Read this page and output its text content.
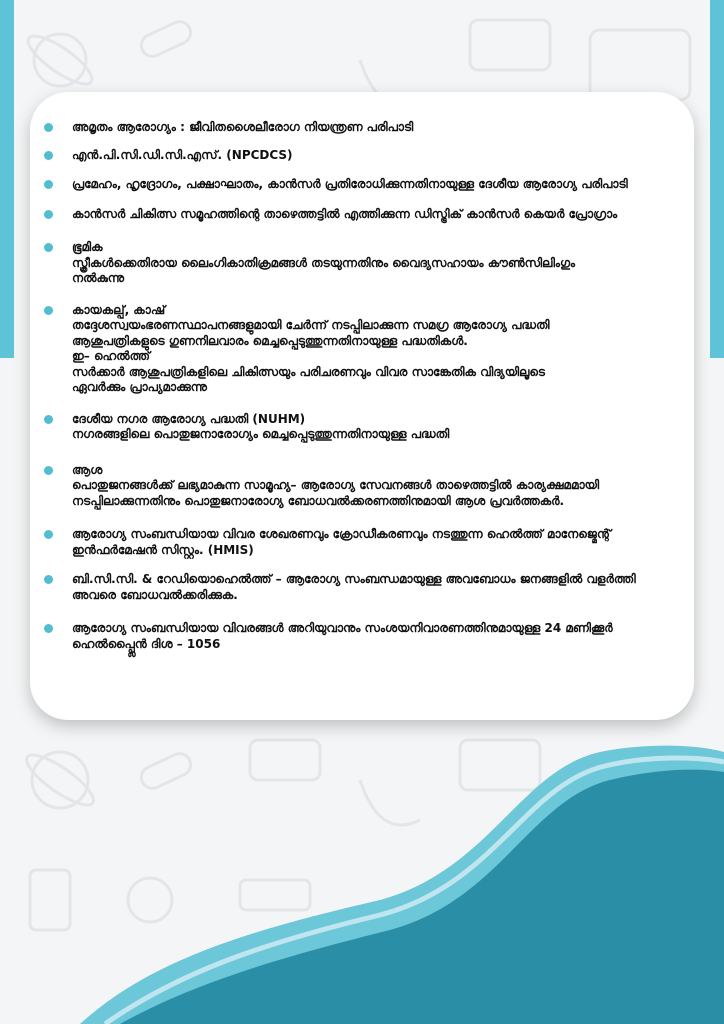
അമൃതം ആരോഗ്യം : ജീവിതശൈലീരോഗ നിയന്ത്രണ പരിപാടി
എൻ.പി.സി.ഡി.സി.എസ്. (NPCDCS)
പ്രമേഹം, ഹൃദ്രോഗം, പക്ഷാഘാതം, കാൻസർ പ്രതിരോധിക്കുന്നതിനായുള്ള ദേശീയ ആരോഗ്യ പരിപാടി
കാൻസർ ചികിത്സ സമൂഹത്തിന്റെ താഴെത്തട്ടിൽ എത്തിക്കുന്ന ഡിസ്ട്രിക് കാൻസർ കെയർ പ്രോഗ്രാം
ഭൂമിക
സ്ത്രീകൾക്കെതിരായ ലൈംഗികാതിക്രമങ്ങൾ തടയുന്നതിനും വൈദ്യസഹായം കൗൺസിലിംഗും
നൽകുന്നു
കായകല്പ്, കാഷ്
തദ്ദേശസ്വയംഭരണസ്ഥാപനങ്ങളുമായി ചേർന്ന് നടപ്പിലാക്കുന്ന സമഗ്ര ആരോഗ്യ പദ്ധതി
ആശുപത്രികളുടെ ഗുണനിലവാരം മെച്ചപ്പെടുത്തുന്നതിനായുള്ള പദ്ധതികൾ.
ഇ– ഹെൽത്ത്
സർക്കാർ ആശുപത്രികളിലെ ചികിത്സയും പരിചരണവും വിവര സാങ്കേതിക വിദ്യയിലൂടെ
ഏവർക്കും പ്രാപ്യമാക്കുന്നു
ദേശീയ നഗര ആരോഗ്യ പദ്ധതി (NUHM)
നഗരങ്ങളിലെ പൊതുജനാരോഗ്യം മെച്ചപ്പെടുത്തുന്നതിനായുള്ള പദ്ധതി
ആശ
പൊതുജനങ്ങൾക്ക് ലഭ്യമാകുന്ന സാമൂഹ്യ– ആരോഗ്യ സേവനങ്ങൾ താഴെത്തട്ടിൽ കാര്യക്ഷമമായി
നടപ്പിലാക്കുന്നതിനും പൊതുജനാരോഗ്യ ബോധവൽക്കരണത്തിനുമായി ആശ പ്രവർത്തകർ.
ആരോഗ്യ സംബന്ധിയായ വിവര ശേഖരണവും ക്രോഡീകരണവും നടത്തുന്ന ഹെൽത്ത് മാനേജ്മെന്റ്
ഇൻഫർമേഷൻ സിസ്റ്റം. (HMIS)
ബി.സി.സി. & റേഡിയൊഹെൽത്ത് – ആരോഗ്യ സംബന്ധമായുള്ള അവബോധം ജനങ്ങളിൽ വളർത്തി
അവരെ ബോധവൽക്കരിക്കുക.
ആരോഗ്യ സംബന്ധിയായ വിവരങ്ങൾ അറിയുവാനും സംശയനിവാരണത്തിനുമായുള്ള 24 മണിക്കൂർ
ഹെൽപ്പ്ലൈൻ ദിശ – 1056
